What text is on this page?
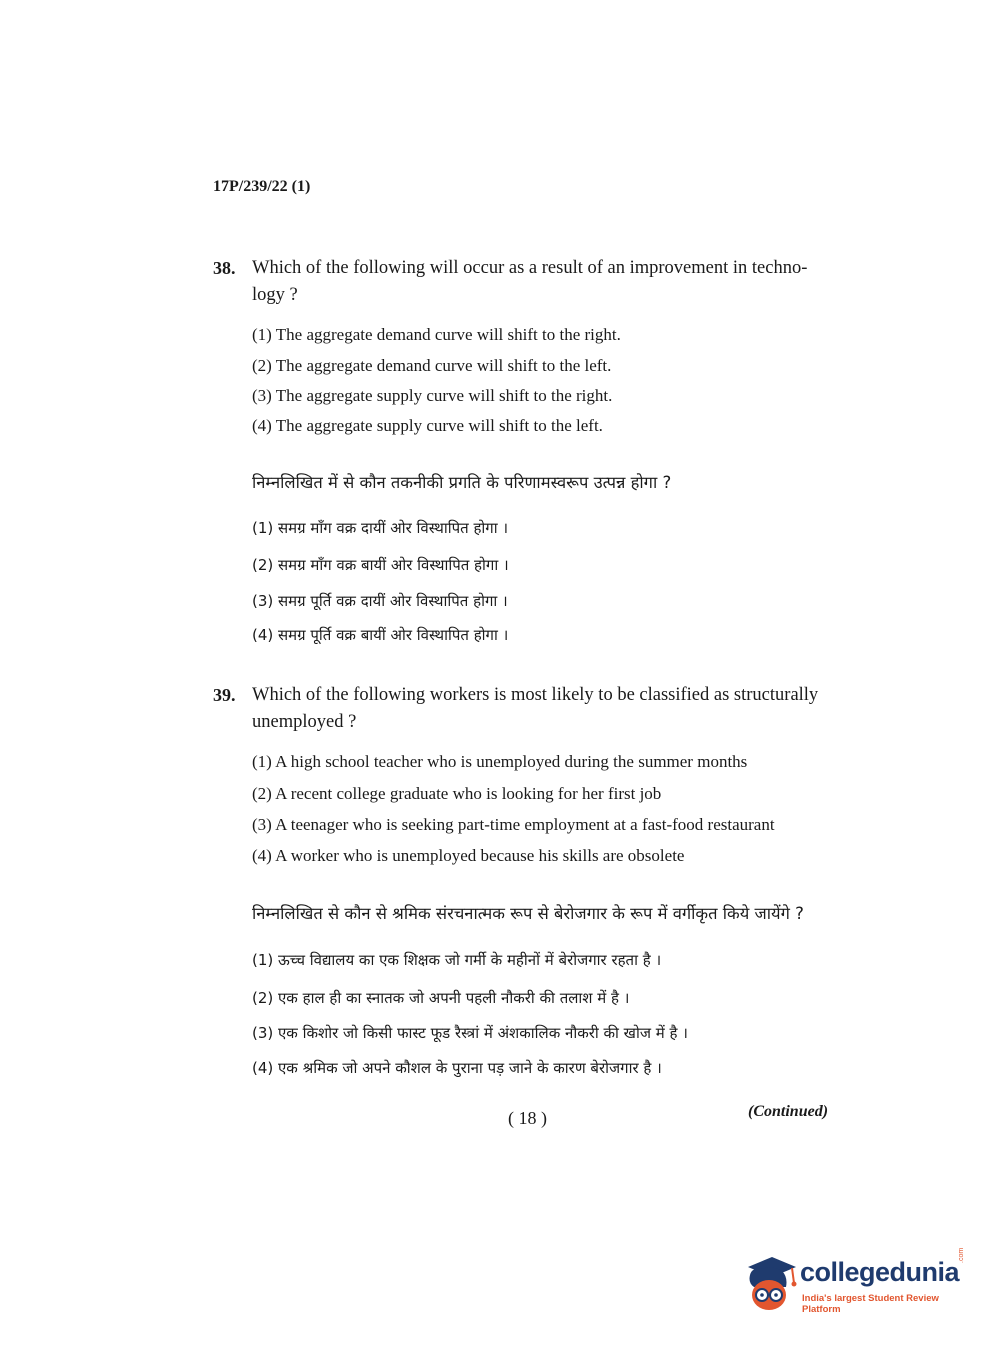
17P/239/22 (1)
38. Which of the following will occur as a result of an improvement in techno-logy ?
(1) The aggregate demand curve will shift to the right.
(2) The aggregate demand curve will shift to the left.
(3) The aggregate supply curve will shift to the right.
(4) The aggregate supply curve will shift to the left.
निम्नलिखित में से कौन तकनीकी प्रगति के परिणामस्वरूप उत्पन्न होगा ?
(1) समग्र माँग वक्र दायीं ओर विस्थापित होगा ।
(2) समग्र माँग वक्र बायीं ओर विस्थापित होगा ।
(3) समग्र पूर्ति वक्र दायीं ओर विस्थापित होगा ।
(4) समग्र पूर्ति वक्र बायीं ओर विस्थापित होगा ।
39. Which of the following workers is most likely to be classified as structurally unemployed ?
(1) A high school teacher who is unemployed during the summer months
(2) A recent college graduate who is looking for her first job
(3) A teenager who is seeking part-time employment at a fast-food restaurant
(4) A worker who is unemployed because his skills are obsolete
निम्नलिखित से कौन से श्रमिक संरचनात्मक रूप से बेरोजगार के रूप में वर्गीकृत किये जायेंगे ?
(1) ऊच्च विद्यालय का एक शिक्षक जो गर्मी के महीनों में बेरोजगार रहता है ।
(2) एक हाल ही का स्नातक जो अपनी पहली नौकरी की तलाश में है ।
(3) एक किशोर जो किसी फास्ट फूड रैस्त्रां में अंशकालिक नौकरी की खोज में है ।
(4) एक श्रमिक जो अपने कौशल के पुराना पड़ जाने के कारण बेरोजगार है ।
( 18 )	(Continued)
collegedunia
.com
India's largest Student Review Platform
